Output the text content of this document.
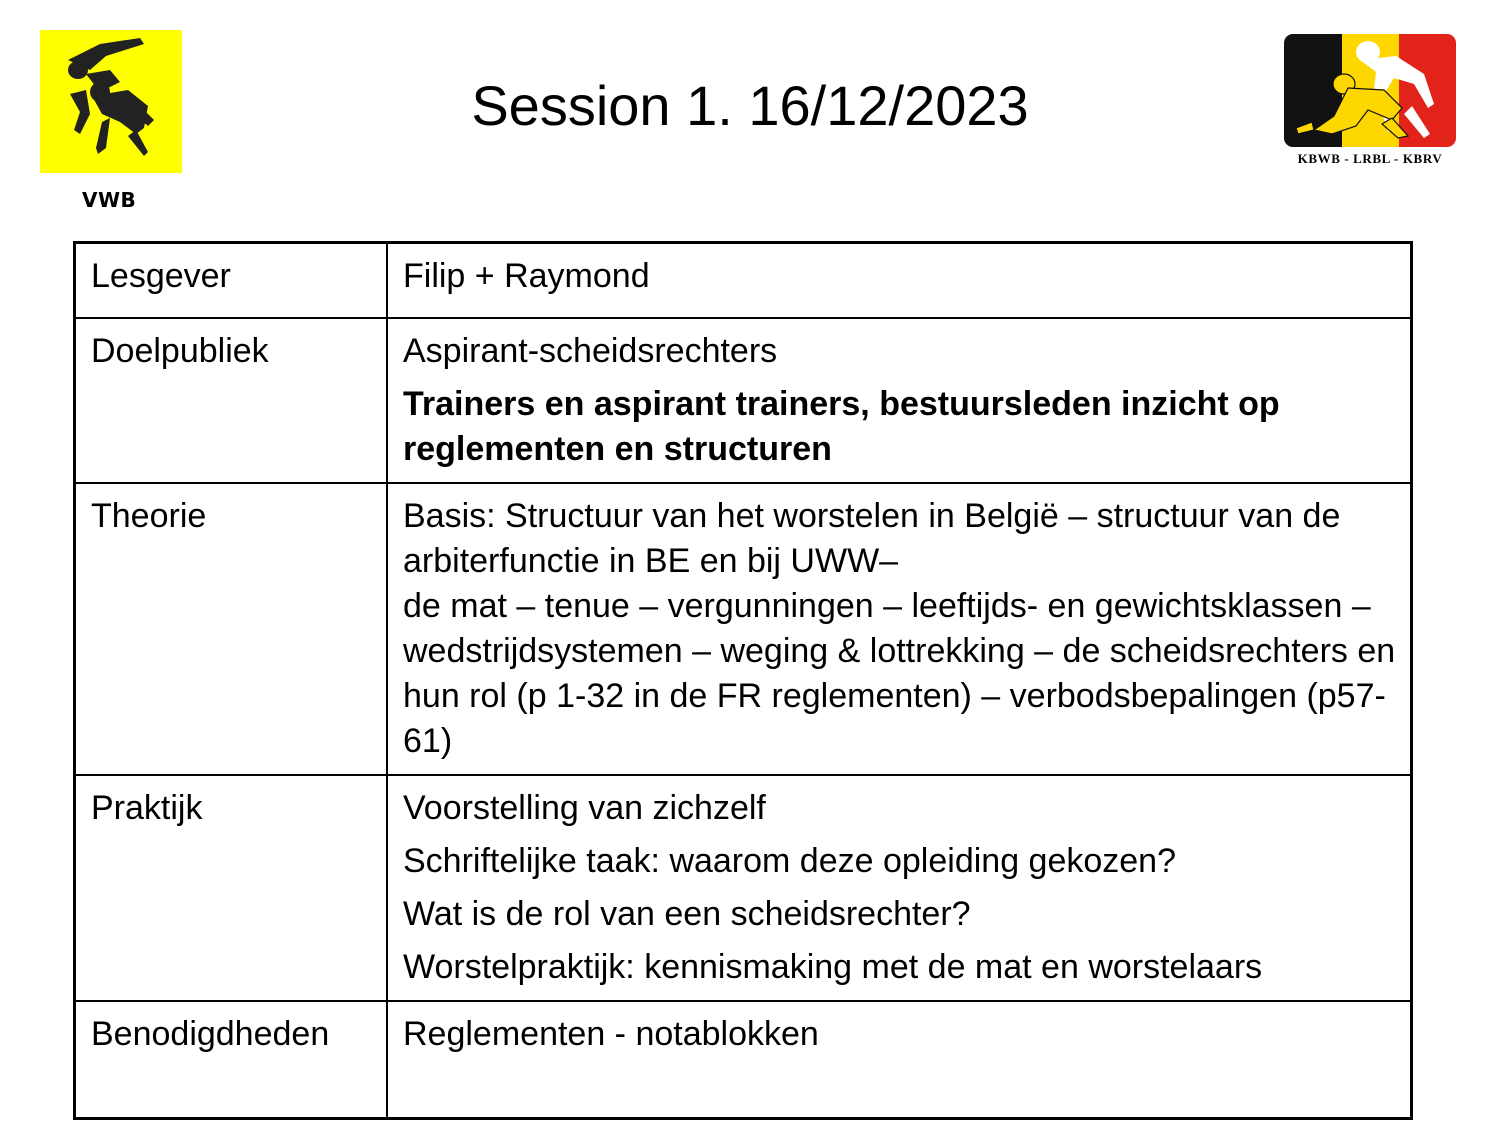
VWB
Session 1. 16/12/2023
KBWB - LRBL - KBRV
Lesgever	Filip + Raymond

Doelpubliek	Aspirant-scheidsrechters

Trainers en aspirant trainers, bestuursleden inzicht op reglementen en structuren

Theorie	Basis: Structuur van het worstelen in België – structuur van de arbiterfunctie in BE en bij UWW–

de mat – tenue – vergunningen – leeftijds- en gewichtsklassen – wedstrijdsystemen – weging & lottrekking – de scheidsrechters en hun rol (p 1-32 in de FR reglementen) – verbodsbepalingen (p57-61)

Praktijk	Voorstelling van zichzelf

Schriftelijke taak: waarom deze opleiding gekozen?

Wat is de rol van een scheidsrechter?

Worstelpraktijk: kennismaking met de mat en worstelaars

Benodigdheden	Reglementen - notablokken
